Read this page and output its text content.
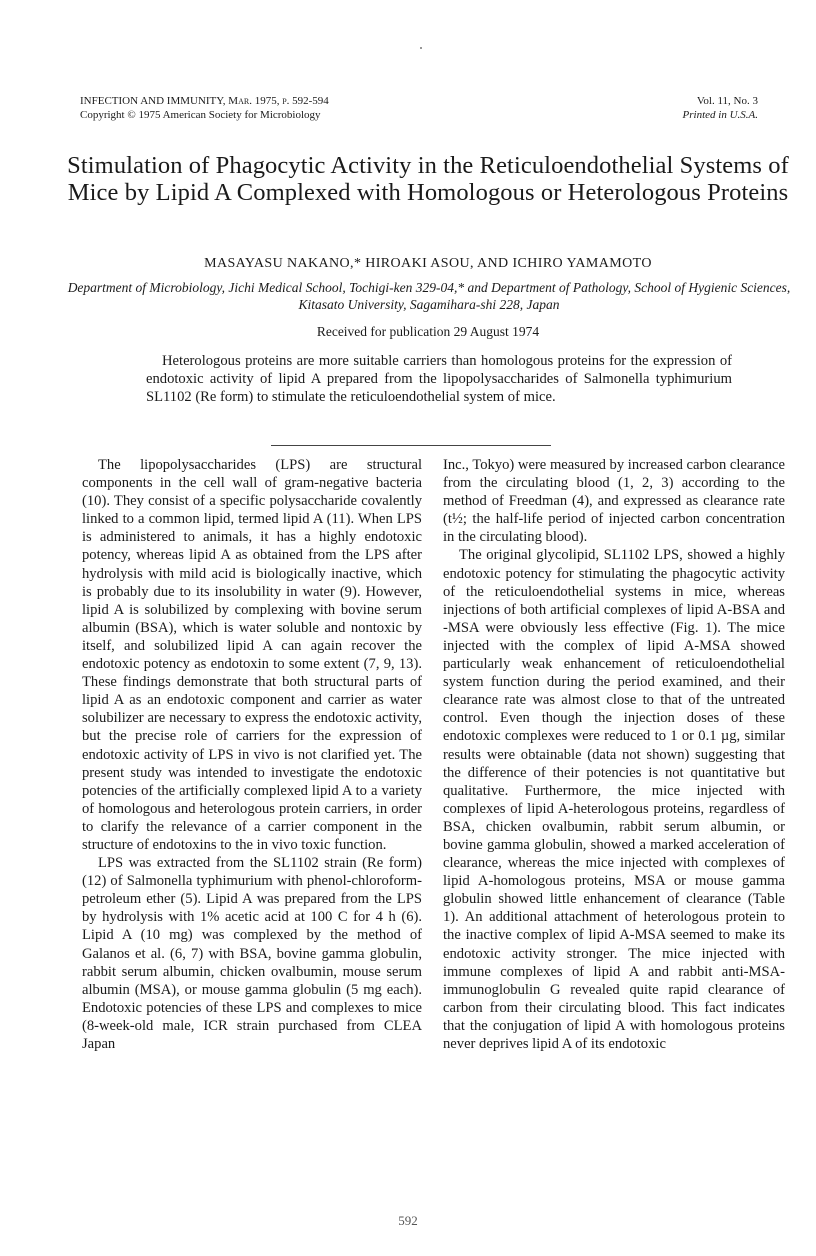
INFECTION AND IMMUNITY, Mar. 1975, p. 592-594
Copyright © 1975 American Society for Microbiology
Vol. 11, No. 3
Printed in U.S.A.
Stimulation of Phagocytic Activity in the Reticuloendothelial Systems of Mice by Lipid A Complexed with Homologous or Heterologous Proteins
MASAYASU NAKANO,* HIROAKI ASOU, AND ICHIRO YAMAMOTO
Department of Microbiology, Jichi Medical School, Tochigi-ken 329-04,* and Department of Pathology, School of Hygienic Sciences, Kitasato University, Sagamihara-shi 228, Japan
Received for publication 29 August 1974
Heterologous proteins are more suitable carriers than homologous proteins for the expression of endotoxic activity of lipid A prepared from the lipopolysaccharides of Salmonella typhimurium SL1102 (Re form) to stimulate the reticuloendothelial system of mice.

The lipopolysaccharides (LPS) are structural components in the cell wall of gram-negative bacteria (10). They consist of a specific polysaccharide covalently linked to a common lipid, termed lipid A (11). When LPS is administered to animals, it has a highly endotoxic potency, whereas lipid A as obtained from the LPS after hydrolysis with mild acid is biologically inactive, which is probably due to its insolubility in water (9). However, lipid A is solubilized by complexing with bovine serum albumin (BSA), which is water soluble and nontoxic by itself, and solubilized lipid A can again recover the endotoxic potency as endotoxin to some extent (7, 9, 13). These findings demonstrate that both structural parts of lipid A as an endotoxic component and carrier as water solubilizer are necessary to express the endotoxic activity, but the precise role of carriers for the expression of endotoxic activity of LPS in vivo is not clarified yet. The present study was intended to investigate the endotoxic potencies of the artificially complexed lipid A to a variety of homologous and heterologous protein carriers, in order to clarify the relevance of a carrier component in the structure of endotoxins to the in vivo toxic function.

LPS was extracted from the SL1102 strain (Re form) (12) of Salmonella typhimurium with phenol-chloroform-petroleum ether (5). Lipid A was prepared from the LPS by hydrolysis with 1% acetic acid at 100 C for 4 h (6). Lipid A (10 mg) was complexed by the method of Galanos et al. (6, 7) with BSA, bovine gamma globulin, rabbit serum albumin, chicken ovalbumin, mouse serum albumin (MSA), or mouse gamma globulin (5 mg each). Endotoxic potencies of these LPS and complexes to mice (8-week-old male, ICR strain purchased from CLEA Japan

Inc., Tokyo) were measured by increased carbon clearance from the circulating blood (1, 2, 3) according to the method of Freedman (4), and expressed as clearance rate (t½; the half-life period of injected carbon concentration in the circulating blood).

The original glycolipid, SL1102 LPS, showed a highly endotoxic potency for stimulating the phagocytic activity of the reticuloendothelial systems in mice, whereas injections of both artificial complexes of lipid A-BSA and -MSA were obviously less effective (Fig. 1). The mice injected with the complex of lipid A-MSA showed particularly weak enhancement of reticuloendothelial system function during the period examined, and their clearance rate was almost close to that of the untreated control. Even though the injection doses of these endotoxic complexes were reduced to 1 or 0.1 µg, similar results were obtainable (data not shown) suggesting that the difference of their potencies is not quantitative but qualitative. Furthermore, the mice injected with complexes of lipid A-heterologous proteins, regardless of BSA, chicken ovalbumin, rabbit serum albumin, or bovine gamma globulin, showed a marked acceleration of clearance, whereas the mice injected with complexes of lipid A-homologous proteins, MSA or mouse gamma globulin showed little enhancement of clearance (Table 1). An additional attachment of heterologous protein to the inactive complex of lipid A-MSA seemed to make its endotoxic activity stronger. The mice injected with immune complexes of lipid A and rabbit anti-MSA-immunoglobulin G revealed quite rapid clearance of carbon from their circulating blood. This fact indicates that the conjugation of lipid A with homologous proteins never deprives lipid A of its endotoxic

592
